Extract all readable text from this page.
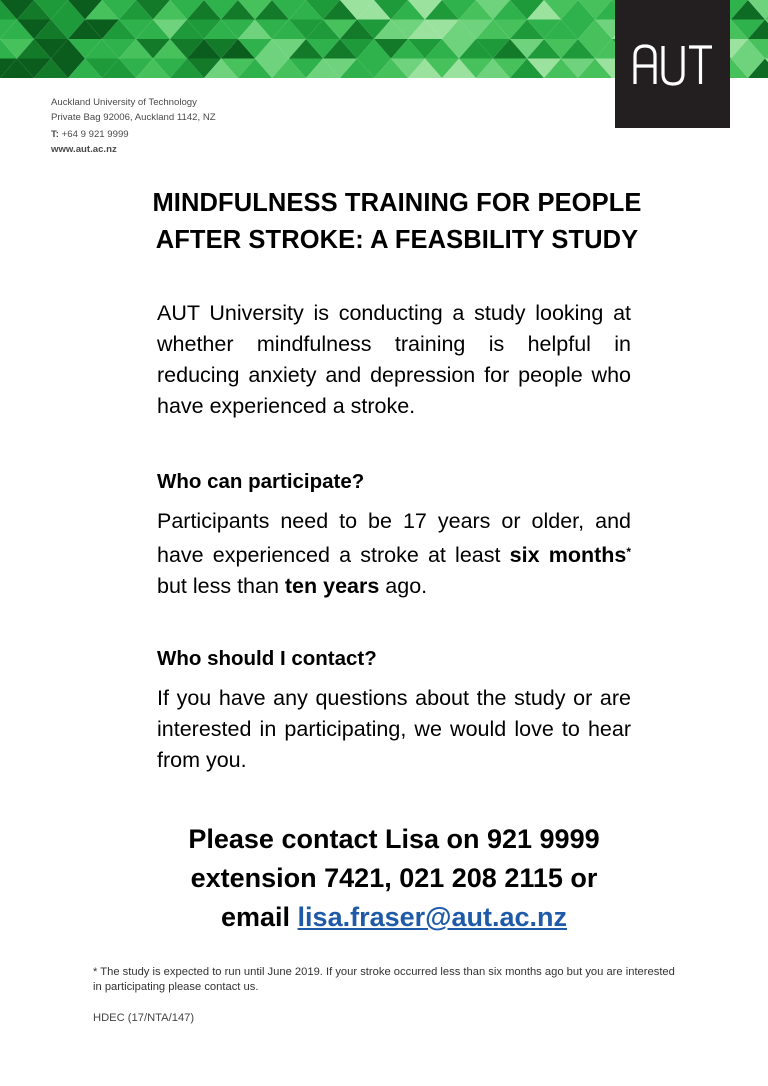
Auckland University of Technology
Private Bag 92006, Auckland 1142, NZ
T: +64 9 921 9999
www.aut.ac.nz
MINDFULNESS TRAINING FOR PEOPLE
AFTER STROKE: A FEASBILITY STUDY

AUT University is conducting a study looking at whether mindfulness training is helpful in reducing anxiety and depression for people who have experienced a stroke.

Who can participate?

Participants need to be 17 years or older, and have experienced a stroke at least six months* but less than ten years ago.

Who should I contact?

If you have any questions about the study or are interested in participating, we would love to hear from you.

Please contact Lisa on 921 9999
extension 7421, 021 208 2115 or
email lisa.fraser@aut.ac.nz
* The study is expected to run until June 2019. If your stroke occurred less than six months ago but you are interested in participating please contact us.
HDEC (17/NTA/147)
